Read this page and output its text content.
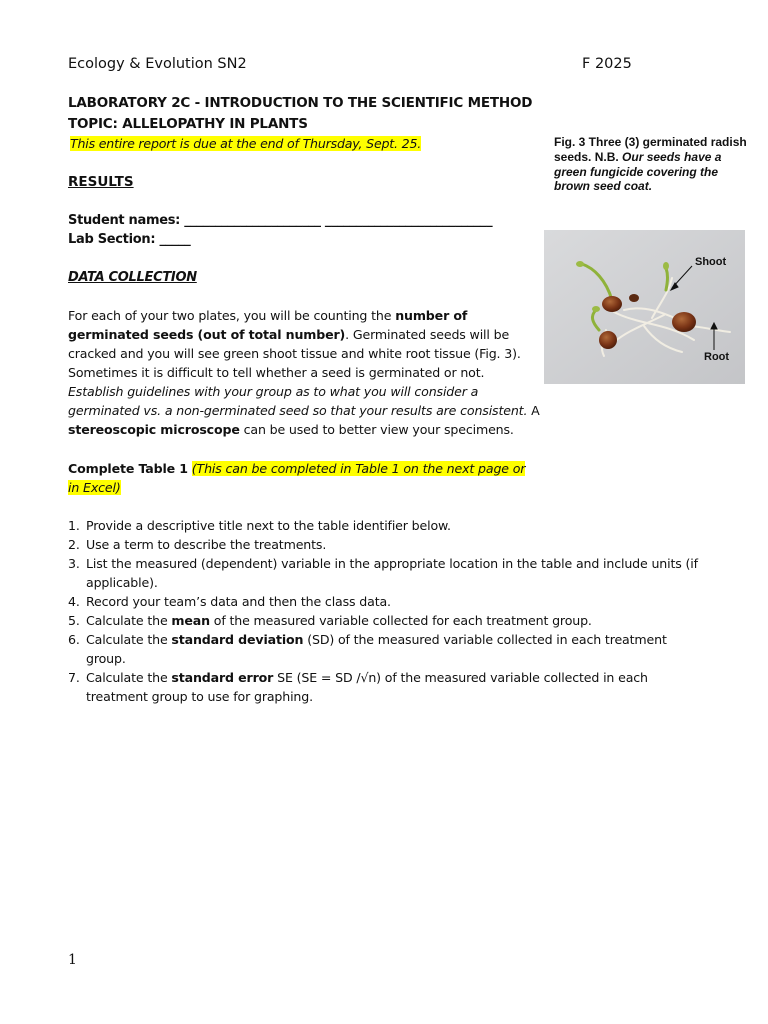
Ecology & Evolution SN2	F 2025
LABORATORY 2C - INTRODUCTION TO THE SCIENTIFIC METHOD
TOPIC: ALLELOPATHY IN PLANTS
This entire report is due at the end of Thursday, Sept. 25.
RESULTS
Student names: ______________________ ___________________________
Lab Section: _____
DATA COLLECTION

For each of your two plates, you will be counting the number of germinated seeds (out of total number). Germinated seeds will be cracked and you will see green shoot tissue and white root tissue (Fig. 3). Sometimes it is difficult to tell whether a seed is germinated or not. Establish guidelines with your group as to what you will consider a germinated vs. a non-germinated seed so that your results are consistent. A stereoscopic microscope can be used to better view your specimens.

Complete Table 1 (This can be completed in Table 1 on the next page or in Excel)
1. Provide a descriptive title next to the table identifier below.
2. Use a term to describe the treatments.
3. List the measured (dependent) variable in the appropriate location in the table and include units (if applicable).
4. Record your team’s data and then the class data.
5. Calculate the mean of the measured variable collected for each treatment group.
6. Calculate the standard deviation (SD) of the measured variable collected in each treatment group.
7. Calculate the standard error SE (SE = SD /√n) of the measured variable collected in each treatment group to use for graphing.
Fig. 3 Three (3) germinated radish seeds. N.B. Our seeds have a green fungicide covering the brown seed coat.
Shoot
Root
1
